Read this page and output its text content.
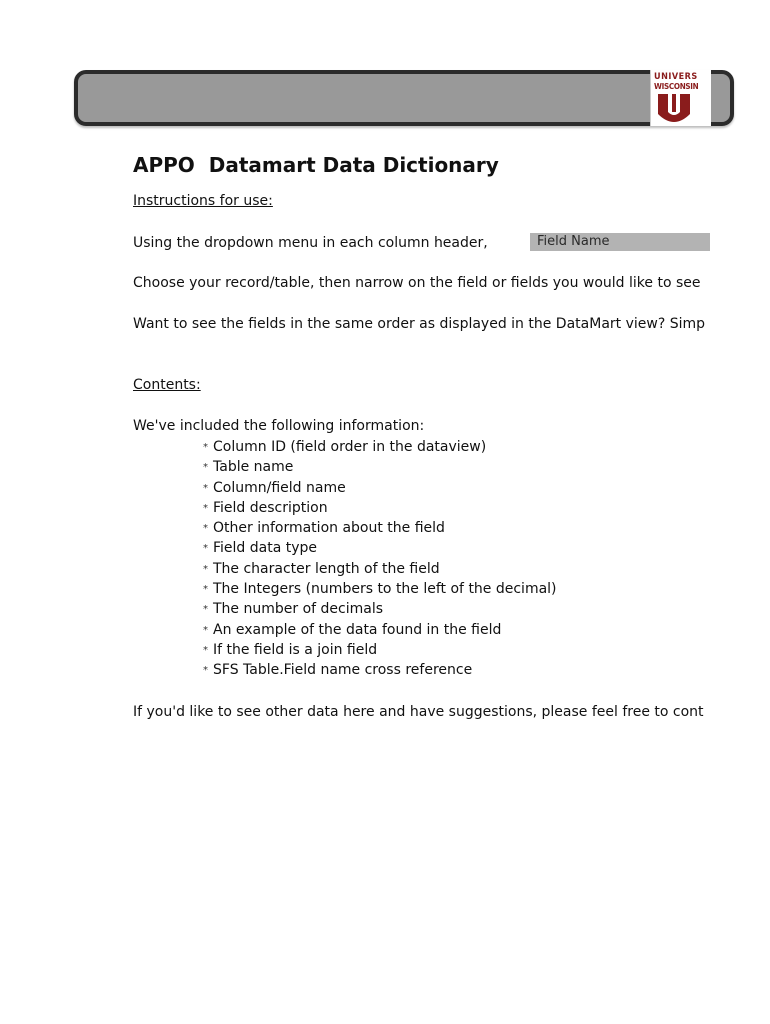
UNIVERS
WISCONSIN
APPO  Datamart Data Dictionary

Instructions for use:

Using the dropdown menu in each column header,	Field Name

Choose your record/table, then narrow on the field or fields you would like to see

Want to see the fields in the same order as displayed in the DataMart view? Simp

Contents:

We've included the following information:

* Column ID (field order in the dataview)
* Table name
* Column/field name
* Field description
* Other information about the field
* Field data type
* The character length of the field
* The Integers (numbers to the left of the decimal)
* The number of decimals
* An example of the data found in the field
* If the field is a join field
* SFS Table.Field name cross reference

If you'd like to see other data here and have suggestions, please feel free to cont
